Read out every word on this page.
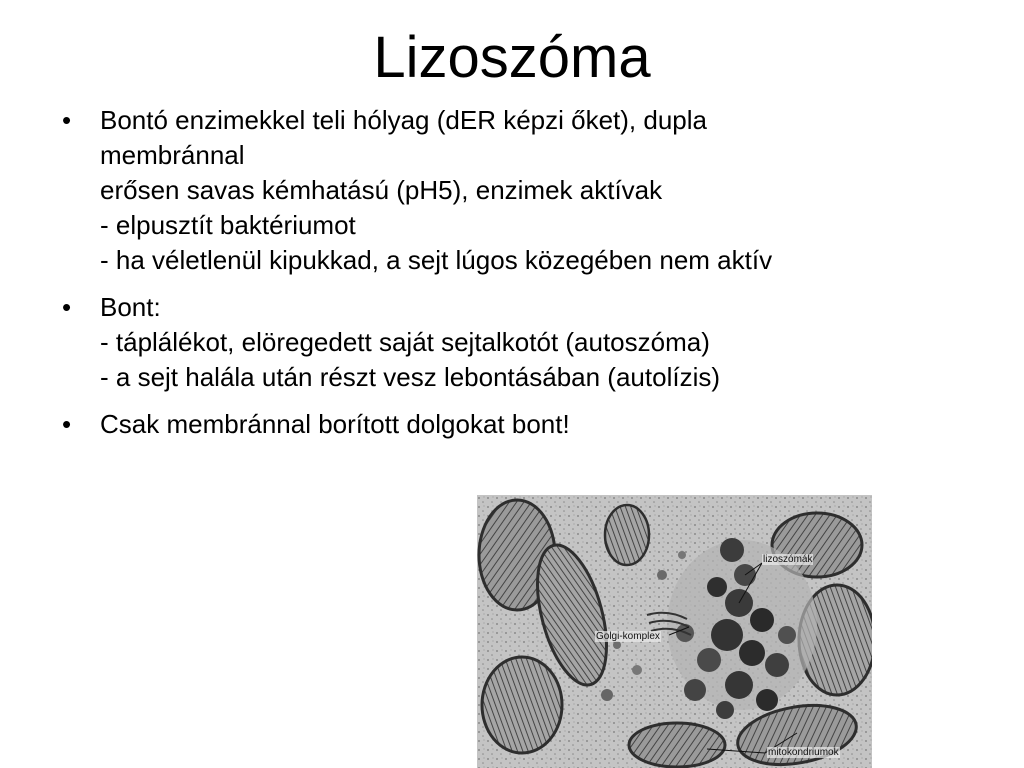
Lizoszóma
• Bontó enzimekkel teli hólyag (dER képzi őket), dupla
membránnal
erősen savas kémhatású (pH5), enzimek aktívak
- elpusztít baktériumot
- ha véletlenül kipukkad, a sejt lúgos közegében nem aktív
• Bont:
- táplálékot, elöregedett saját sejtalkotót (autoszóma)
- a sejt halála után részt vesz lebontásában (autolízis)
• Csak membránnal borított dolgokat bont!
lizoszómák
Golgi-komplex
mitokondriumok
